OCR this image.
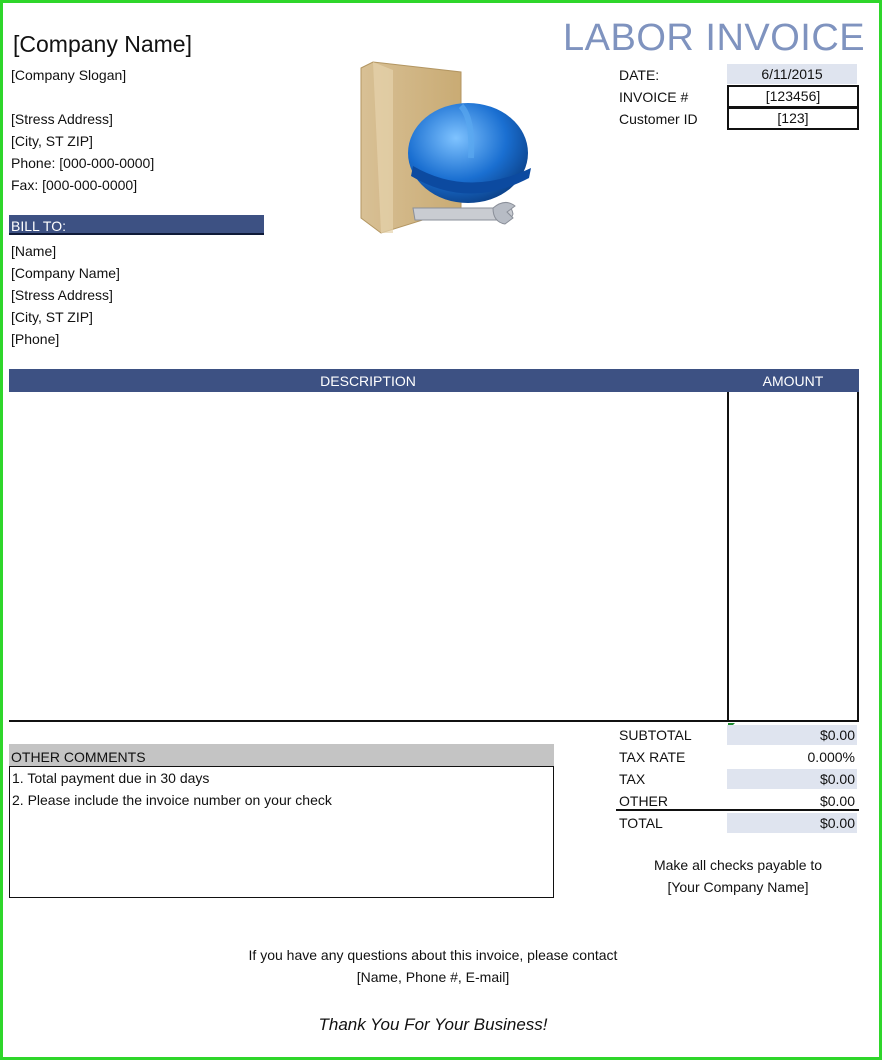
[Company Name]
[Company Slogan]
[Stress Address]
[City, ST ZIP]
Phone: [000-000-0000]
Fax: [000-000-0000]
LABOR INVOICE
DATE:	6/11/2015
INVOICE #	[123456]
Customer ID	[123]
BILL TO:
[Name]
[Company Name]
[Stress Address]
[City, ST ZIP]
[Phone]
DESCRIPTION	AMOUNT
OTHER COMMENTS
1. Total payment due in 30 days
2. Please include the invoice number on your check
SUBTOTAL	$0.00
TAX RATE	0.000%
TAX	$0.00
OTHER	$0.00
TOTAL	$0.00
Make all checks payable to
[Your Company Name]
If you have any questions about this invoice, please contact
[Name, Phone #, E-mail]
Thank You For Your Business!
